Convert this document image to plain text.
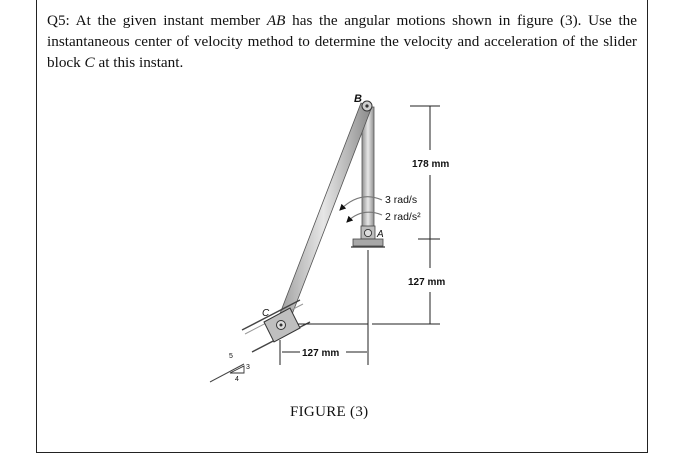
Q5: At the given instant member AB has the angular motions shown in figure (3). Use the instantaneous center of velocity method to determine the velocity and acceleration of the slider block C at this instant.
B
A
C
178 mm
127 mm
127 mm
3 rad/s
2 rad/s²
5
3
4
FIGURE (3)
